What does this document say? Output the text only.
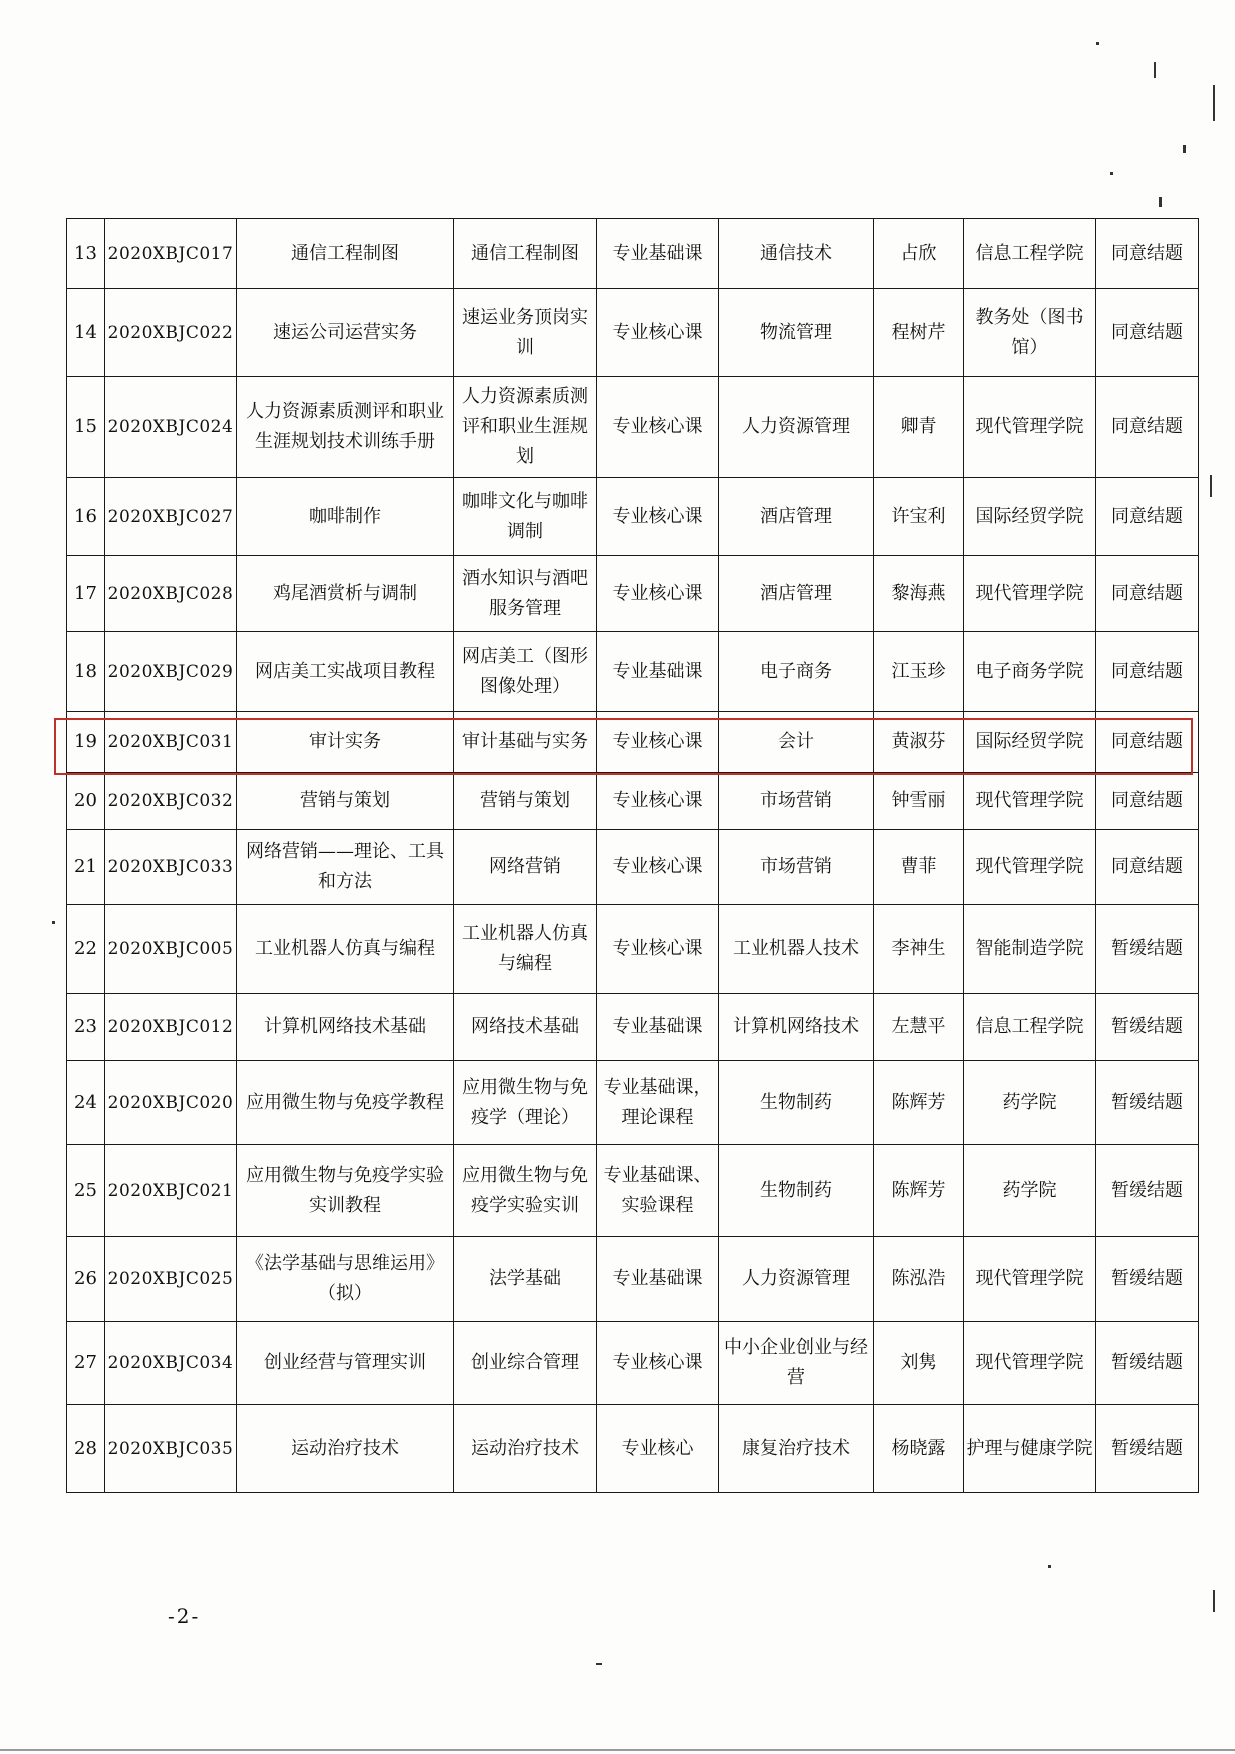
13	2020XBJC017	通信工程制图	通信工程制图	专业基础课	通信技术	占欣	信息工程学院	同意结题
14	2020XBJC022	速运公司运营实务	速运业务顶岗实训	专业核心课	物流管理	程树芹	教务处（图书馆）	同意结题
15	2020XBJC024	人力资源素质测评和职业生涯规划技术训练手册	人力资源素质测评和职业生涯规划	专业核心课	人力资源管理	卿青	现代管理学院	同意结题
16	2020XBJC027	咖啡制作	咖啡文化与咖啡调制	专业核心课	酒店管理	许宝利	国际经贸学院	同意结题
17	2020XBJC028	鸡尾酒赏析与调制	酒水知识与酒吧服务管理	专业核心课	酒店管理	黎海燕	现代管理学院	同意结题
18	2020XBJC029	网店美工实战项目教程	网店美工（图形图像处理）	专业基础课	电子商务	江玉珍	电子商务学院	同意结题
19	2020XBJC031	审计实务	审计基础与实务	专业核心课	会计	黄淑芬	国际经贸学院	同意结题
20	2020XBJC032	营销与策划	营销与策划	专业核心课	市场营销	钟雪丽	现代管理学院	同意结题
21	2020XBJC033	网络营销——理论、工具和方法	网络营销	专业核心课	市场营销	曹菲	现代管理学院	同意结题
22	2020XBJC005	工业机器人仿真与编程	工业机器人仿真与编程	专业核心课	工业机器人技术	李神生	智能制造学院	暂缓结题
23	2020XBJC012	计算机网络技术基础	网络技术基础	专业基础课	计算机网络技术	左慧平	信息工程学院	暂缓结题
24	2020XBJC020	应用微生物与免疫学教程	应用微生物与免疫学（理论）	专业基础课，理论课程	生物制药	陈辉芳	药学院	暂缓结题
25	2020XBJC021	应用微生物与免疫学实验实训教程	应用微生物与免疫学实验实训	专业基础课、实验课程	生物制药	陈辉芳	药学院	暂缓结题
26	2020XBJC025	《法学基础与思维运用》（拟）	法学基础	专业基础课	人力资源管理	陈泓浩	现代管理学院	暂缓结题
27	2020XBJC034	创业经营与管理实训	创业综合管理	专业核心课	中小企业创业与经营	刘隽	现代管理学院	暂缓结题
28	2020XBJC035	运动治疗技术	运动治疗技术	专业核心	康复治疗技术	杨晓露	护理与健康学院	暂缓结题
-2-
